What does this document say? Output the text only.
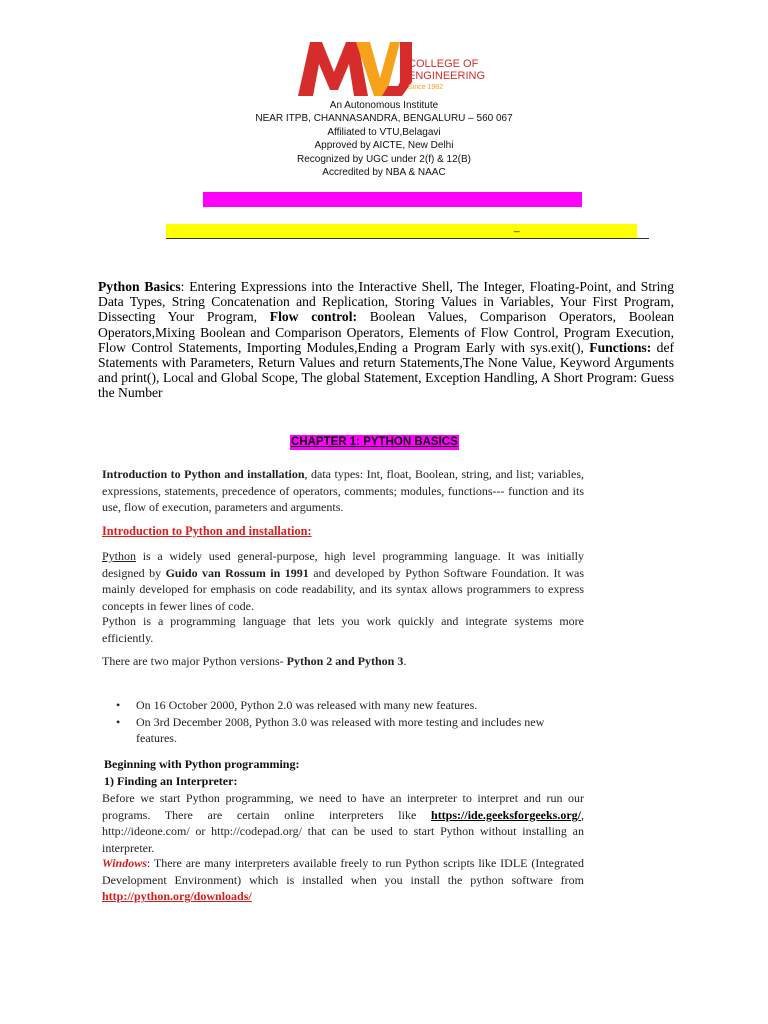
COLLEGE OF
ENGINEERING
Since 1982
An Autonomous Institute
NEAR ITPB, CHANNASANDRA, BENGALURU – 560 067
Affiliated to VTU,Belagavi
Approved by AICTE, New Delhi
Recognized by UGC under 2(f) & 12(B)
Accredited by NBA & NAAC
_
Python Basics: Entering Expressions into the Interactive Shell, The Integer, Floating-Point, and String Data Types, String Concatenation and Replication, Storing Values in Variables, Your First Program, Dissecting Your Program, Flow control: Boolean Values, Comparison Operators, Boolean Operators,Mixing Boolean and Comparison Operators, Elements of Flow Control, Program Execution, Flow Control Statements, Importing Modules,Ending a Program Early with sys.exit(), Functions: def Statements with Parameters, Return Values and return Statements,The None Value, Keyword Arguments and print(), Local and Global Scope, The global Statement, Exception Handling, A Short Program: Guess the Number
CHAPTER 1: PYTHON BASICS
Introduction to Python and installation, data types: Int, float, Boolean, string, and list; variables, expressions, statements, precedence of operators, comments; modules, functions--- function and its use, flow of execution, parameters and arguments.
Introduction to Python and installation:
Python is a widely used general-purpose, high level programming language. It was initially designed by Guido van Rossum in 1991 and developed by Python Software Foundation. It was mainly developed for emphasis on code readability, and its syntax allows programmers to express concepts in fewer lines of code.
Python is a programming language that lets you work quickly and integrate systems more efficiently.
There are two major Python versions- Python 2 and Python 3.
• On 16 October 2000, Python 2.0 was released with many new features.
• On 3rd December 2008, Python 3.0 was released with more testing and includes new features.
Beginning with Python programming:
1) Finding an Interpreter:
Before we start Python programming, we need to have an interpreter to interpret and run our programs. There are certain online interpreters like https://ide.geeksforgeeks.org/, http://ideone.com/ or http://codepad.org/ that can be used to start Python without installing an interpreter.
Windows: There are many interpreters available freely to run Python scripts like IDLE (Integrated Development Environment) which is installed when you install the python software from http://python.org/downloads/
